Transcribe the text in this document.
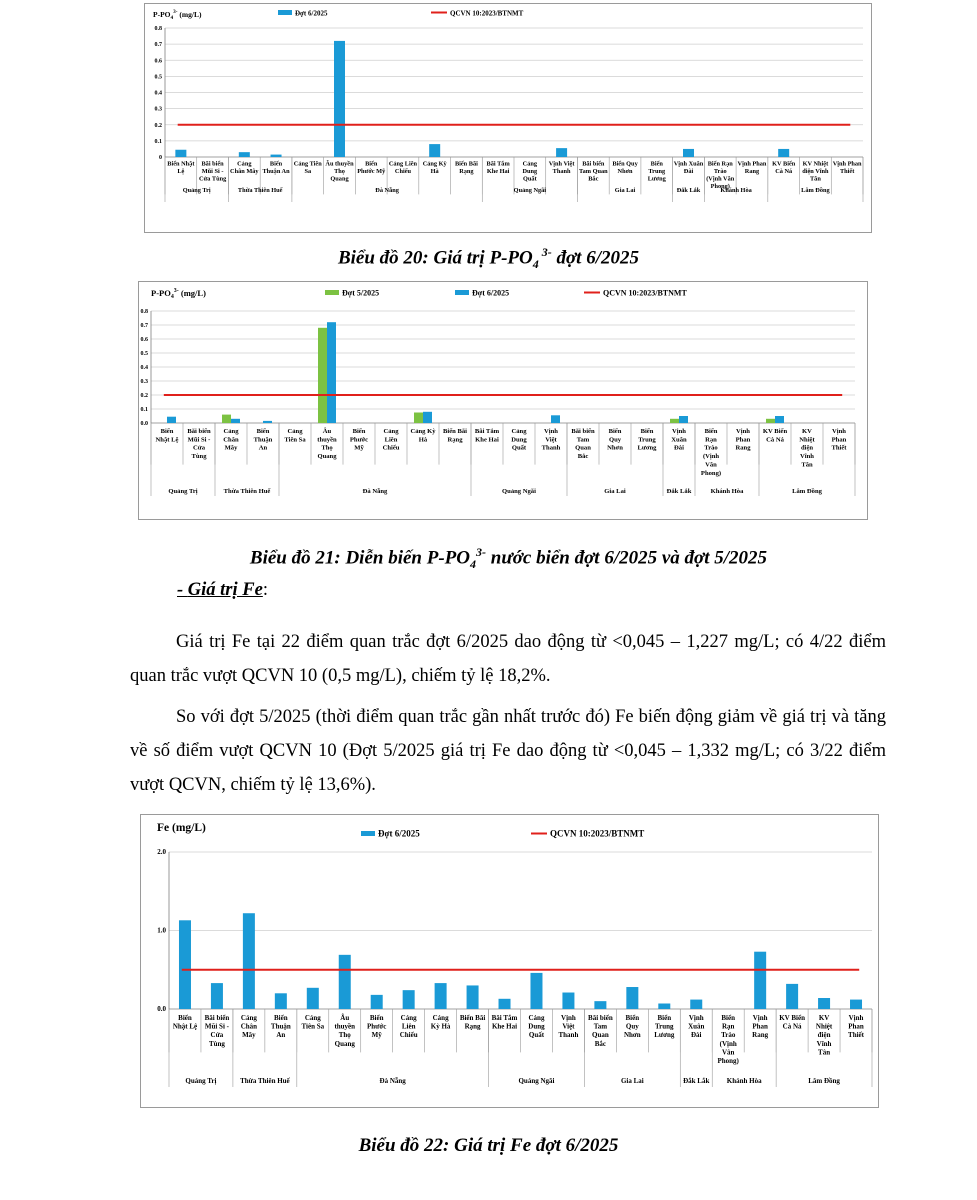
$P-PO_4^{3-}$ (mg/L)
0
0.1
0.2
0.3
0.4
0.5
0.6
0.7
0.8
Biển Nhật Lệ
Bãi biển Mũi Si -Cửa Tùng
Cảng Chân Mây
Biển Thuận An
Cảng Tiên Sa
Âu thuyền Thọ Quang
Biển Phước Mỹ
Cảng Liên Chiểu
Cảng Kỳ Hà
Biển Bãi Rạng
Bãi Tắm Khe Hai
Cảng Dung Quất
Vịnh Việt Thanh
Bãi biển Tam Quan Bắc
Biển Quy Nhơn
Biển Trung Lương
Vịnh Xuân Đài
Biển Rạn Trào (Vịnh Vân Phong)
Vịnh Phan Rang
KV Biển Cà Ná
KV Nhiệt điện Vĩnh Tân
Vịnh Phan Thiết
Quảng Trị	Thừa Thiên Huế	Đà Nẵng	Quảng Ngãi	Gia Lai	Đắk Lắk	Khánh Hòa	Lâm Đồng
Đợt 6/2025	QCVN 10:2023/BTNMT
Biểu đồ 20: Giá trị $P-PO_4$ $^{3-}$ đợt 6/2025
$P-PO_4^{3-}$ (mg/L)
0.0
0.1
0.2
0.3
0.4
0.5
0.6
0.7
0.8
Biển Nhật Lệ
Bãi biển Mũi Si -Cửa Tùng
Cảng Chân Mây
Biển Thuận An
Cảng Tiên Sa
Âu thuyền Thọ Quang
Biển Phước Mỹ
Cảng Liên Chiểu
Cảng Kỳ Hà
Biển Bãi Rạng
Bãi Tắm Khe Hai
Cảng Dung Quất
Vịnh Việt Thanh
Bãi biển Tam Quan Bắc
Biển Quy Nhơn
Biển Trung Lương
Vịnh Xuân Đài
Biển Rạn Trào (Vịnh Vân Phong)
Vịnh Phan Rang
KV Biển Cà Ná
KV Nhiệt điện Vĩnh Tân
Vịnh Phan Thiết
Quảng Trị	Thừa Thiên Huế	Đà Nẵng	Quảng Ngãi	Gia Lai	Đắk Lắk	Khánh Hòa	Lâm Đồng
Đợt 5/2025	Đợt 6/2025	QCVN 10:2023/BTNMT
Biểu đồ 21: Diễn biến $P-PO_4^{3-}$ nước biển đợt 6/2025 và đợt 5/2025
- Giá trị Fe:

Giá trị Fe tại 22 điểm quan trắc đợt 6/2025 dao động từ <0,045 – 1,227 mg/L; có 4/22 điểm quan trắc vượt QCVN 10 (0,5 mg/L), chiếm tỷ lệ 18,2%.

So với đợt 5/2025 (thời điểm quan trắc gần nhất trước đó) Fe biến động giảm về giá trị và tăng về số điểm vượt QCVN 10 (Đợt 5/2025 giá trị Fe dao động từ <0,045 – 1,332 mg/L; có 3/22 điểm vượt QCVN, chiếm tỷ lệ 13,6%).

Fe (mg/L)
0.0
1.0
2.0
Biển Nhật Lệ
Bãi biển Mũi Si -Cửa Tùng
Cảng Chân Mây
Biển Thuận An
Cảng Tiên Sa
Âu thuyền Thọ Quang
Biển Phước Mỹ
Cảng Liên Chiểu
Cảng Kỳ Hà
Biển Bãi Rạng
Bãi Tắm Khe Hai
Cảng Dung Quất
Vịnh Việt Thanh
Bãi biển Tam Quan Bắc
Biển Quy Nhơn
Biển Trung Lương
Vịnh Xuân Đài
Biển Rạn Trào (Vịnh Vân Phong)
Vịnh Phan Rang
KV Biển Cà Ná
KV Nhiệt điện Vĩnh Tân
Vịnh Phan Thiết
Quảng Trị	Thừa Thiên Huế	Đà Nẵng	Quảng Ngãi	Gia Lai	Đắk Lắk Khánh Hòa	Lâm Đồng
Đợt 6/2025	QCVN 10:2023/BTNMT
Biểu đồ 22: Giá trị Fe đợt 6/2025
